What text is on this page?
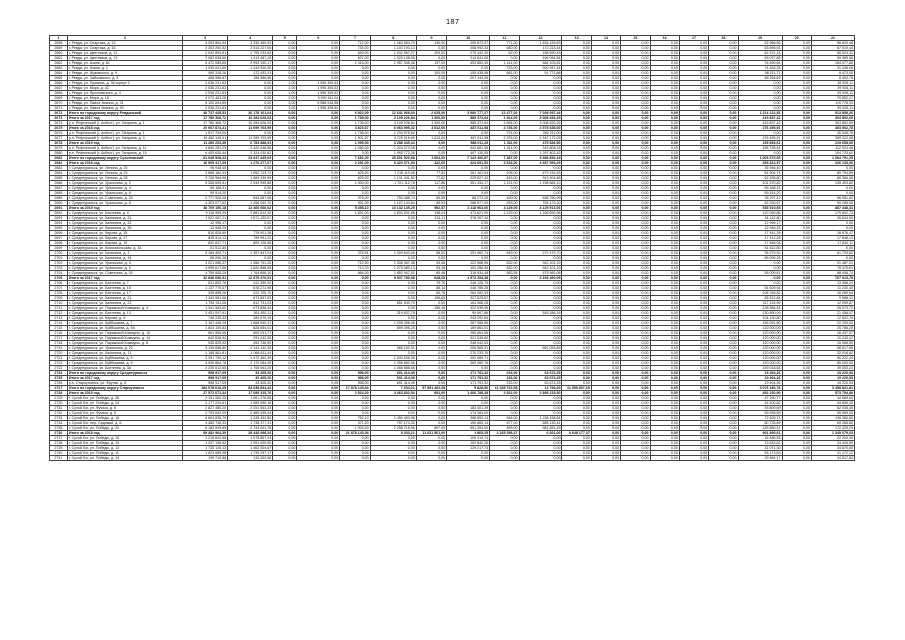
187
1	2	3	4	5	6	7	8	9	10	11	12	13	14	15	16	17	18	19	20	21
2658	г. Ревда, ул. Спартака, д. 13	4 093 864,94	3 330 460,53	0,00	0,00	712,00	1 384 964,79	130,00	295 872,07	771,00	1 634 439,63	0,00	0,00	0,00	0,00	0,00	0,00	52 966,56	0,00	96 820,48
2659	г. Ревда, ул. Спартака, д. 15	3 303 200,52	2 514 227,05	0,00	0,00	734,00	1 103 193,13	0,00	208 992,34	680,00	172 223,44	0,00	0,00	0,00	0,00	0,00	0,00	63 895,91	0,00	67 519,44
2660	г. Ревда, ул. Цветников, д. 11	2 042 893,81	1 795 233,63	0,00	0,00	645,00	1 032 567,07	203,00	279 342,30	62,00	158 990,43	0,00	0,00	0,00	0,00	0,00	0,00	62 121,24	0,00	58 524,31
2661	г. Ревда, ул. Цветников, д. 13	2 082 638,60	1 413 487,28	0,00	0,00	637,00	1 029 138,96	0,00	214 841,06	0,00	169 064,84	0,00	0,00	0,00	0,00	0,00	0,00	59 037,86	0,00	59 385,96
2662	г. Ревда, ул. Азина, д. 61	5 472 085,65	2 993 190,17	0,00	0,00	1 316,00	1 957 045,38	137,00	493 860,49	1 141,00	584 109,81	0,00	0,00	0,00	0,00	0,00	0,00	76 490,64	0,00	164 077,86
2663	г. Ревда, ул. Азина, д. 1	1 030 041,69	1 419 920,05	0,00	0,00	0,00	0,00	0,00	0,00	723,00	200 947,44	0,00	0,00	0,00	0,00	0,00	0,00	74 433,25	0,00	31 436,08
2664	г. Ревда, ул. Жуковского, д. 9	490 318,26	172 453,31	0,00	0,00	0,00	0,00	100,00	159 438,58	661,00	91 771,88	0,00	0,00	0,00	0,00	0,00	0,00	58 211,71	0,00	8 473,05
2665	г. Ревда, ул. Чайковского, д. 3	468 966,87	156 986,96	0,00	0,00	0,00	0,00	0,00	207 143,26	0,00	0,00	0,00	0,00	0,00	0,00	0,00	0,00	56 254,69	0,00	8 402,76
2666	г. Ревда, ул. Пушкина, д. 36 корпус 2	2 036 231,63	0,00	1,00	1 996 305,53	0,00	0,00	0,00	0,00	0,00	0,00	0,00	0,00	0,00	0,00	0,00	0,00	0,00	0,00	39 926,11
2667	г. Ревда, ул. Мира, д. 42	2 036 231,63	0,00	1,00	1 996 305,53	0,00	0,00	0,00	0,00	0,00	0,00	0,00	0,00	0,00	0,00	0,00	0,00	0,00	0,00	39 926,11
2668	г. Ревда, ул. Ярославского, д. 4	2 036 231,63	0,00	1,00	1 996 305,52	0,00	0,00	0,00	0,00	0,00	0,00	0,00	0,00	0,00	0,00	0,00	0,00	0,00	0,00	39 926,11
2669	г. Ревда, ул. Мира, д. 18	4 072 463,26	0,00	2,00	3 992 611,04	0,00	0,00	0,00	0,00	0,00	0,00	0,00	0,00	0,00	0,00	0,00	0,00	0,00	0,00	79 852,27
2670	г. Ревда, ул. Павла Зыкина, д. 31	6 100 694,89	0,00	3,00	5 988 916,56	0,00	0,00	0,00	0,00	0,00	0,00	0,00	0,00	0,00	0,00	0,00	0,00	0,00	0,00	119 778,33
2671	г. Ревда, ул. Павла Зыкина, д. 30	2 036 231,63	0,00	1,00	1 996 305,52	0,00	0,00	0,00	0,00	0,00	0,00	0,00	0,00	0,00	0,00	0,00	0,00	0,00	0,00	39 926,11
2672	Итого по городскому округу Ревдинский	40 737 445,53	26 178 101,04	0,00	0,00	6 922,00	12 641 968,00	2 625,00	3 980 777,27	12 477,00	7 039 097,44	0,00	0,00	0,00	0,00	0,00	0,00	1 214 122,53	0,00	913 859,26
2673	Итого за 2017 год	17 780 368,72	10 284 626,03	0,00	0,00	1 738,00	3 109 226,84	1 300,00	585 372,64	1 514,00	3 008 453,25	0,00	0,00	0,00	0,00	0,00	0,00	415 837,42	0,00	303 852,69
2674	р.п. Рефтинский (г. Асбест), ул. Гагарина, д. 1	17 780 368,72	10 284 626,03	0,00	0,00	1 738,00	3 109 226,84	1 300,00	585 372,64	3 654,00	3 008 453,25	0,00	0,00	0,00	0,00	0,00	0,00	415 837,42	0,00	303 852,69
2675	Итого за 2018 год	20 967 874,41	11 099 703,99	0,00	0,00	3 823,67	6 063 995,32	3 512,00	487 611,98	4 736,00	2 575 635,00	0,00	0,00	0,00	0,00	0,00	0,00	276 495,91	0,00	403 502,78
2676	р.п. Рефтинский (г. Асбест), ул. Гагарина, д. 1	1 517 734,00	0,00	0,00	0,00	1 738,00	1 234 978,62	0,00	0,00	274,00	282 211,00	0,00	0,00	0,00	0,00	0,00	0,00	0,00	0,00	30 545,78
2677	р.п. Рефтинский (г. Асбест), ул. Гагарина, д. 3	19 450 140,41	11 099 703,99	0,00	0,00	1 501,67	4 729 216,69	1 513,00	487 611,98	2 376,00	2 187 172,09	0,00	0,00	0,00	0,00	0,00	0,00	276 495,91	0,00	389 422,98
2678	Итого за 2019 год	11 280 203,45	6 783 888,91	0,00	0,00	1 095,00	3 288 345,34	0,00	988 011,25	1 311,00	479 836,50	0,00	0,00	0,00	0,00	0,00	0,00	155 893,61	0,00	219 658,09
2679	р.п. Рефтинский (г. Асбест), ул. Гагарина, д. 11	4 690 281,23	2 420 048,66	0,00	0,00	1 080,00	1 204 373,08	0,00	442 881,36	1 311,00	242 808,18	0,00	0,00	0,00	0,00	0,00	0,00	158 795,44	0,00	112 924,48
2680	р.п. Рефтинский (г. Асбест), ул. Гагарина, д. 15	6 400 630,44	2 324 030,62	0,00	0,00	0,00	1 993 772,26	0,00	497 130,05	0,00	1 297 802,42	0,00	0,00	0,00	0,00	0,00	0,00	0,00	0,00	104 733,61
2681	Итого по городскому округу Сухоложский	81 648 528,23	23 647 445,03	0,00	0,00	7 681,00	25 601 520,68	1 604,00	7 123 406,87	7 387,00	9 386 852,19	0,00	0,00	0,00	0,00	0,00	0,00	1 003 670,93	0,00	1 564 791,25
2682	Итого за 2018 год	16 905 317,09	1 270 277,07	0,00	0,00	2 251,00	6 420 371,93	422,00	424 691,52	3 633,00	4 687 993,29	0,00	0,00	0,00	0,00	0,00	0,00	353 814,97	0,00	326 139,06
2683	г. Среднеуральск, ул. Ленина, д. 25	96 948,40	0,00	0,00	0,00	0,00	0,00	0,00	0,00	0,00	0,00	0,00	0,00	0,00	0,00	0,00	0,00	36 946,40	0,00	0,00
2684	г. Среднеуральск, ул. Ленина, д. 23	3 668 182,43	1 652 713,72	0,00	0,00	625,00	1 216 110,08	77,82	161 161,54	106,00	479 151,63	0,00	0,00	0,00	0,00	0,00	0,00	61 504,74	0,00	89 794,89
2685	г. Среднеуральск, ул. Ленина, д. 25	3 736 964,98	1 569 339,59	0,00	0,00	625,00	1 131 441,82	77,82	229 827,42	815,00	913 304,66	0,00	0,00	0,00	0,00	0,00	0,00	62 435,80	0,00	80 366,06
2686	г. Среднеуральск, ул. Уральская, д. 2	5 308 695,51	2 044 995,88	0,00	0,00	1 000,00	1 701 112,78	117,86	351 334,17	1 121,00	1 198 884,10	0,00	0,00	0,00	0,00	0,00	0,00	101 570,82	0,00	135 493,80
2687	г. Среднеуральск, ул. Уральская, д. 4	59 168,31	0,00	0,00	0,00	0,00	0,00	0,00	0,00	0,00	0,00	0,00	0,00	0,00	0,00	0,00	0,00	59 168,31	0,00	0,00
2688	г. Среднеуральск, ул. Уральская, д. 6	59 514,20	0,00	0,00	0,00	0,00	0,00	0,00	0,00	0,00	0,00	0,00	0,00	0,00	0,00	0,00	0,00	59 514,20	0,00	0,00
2689	г. Среднеуральск, ул. Советская, д. 33	2 777 926,08	844 587,08	0,00	0,00	378,00	750 488,74	59,59	88 273,26	490,00	466 760,99	0,00	0,00	0,00	0,00	0,00	0,00	35 297,12	0,00	56 951,80
2690	г. Среднеуральск, ул. Уральская, д. 8	4 303 077,62	1 458 042,70	0,00	0,00	931,00	1 107 144,84	89,00	286 577,00	253,00	794 123,30	0,00	0,00	0,00	0,00	0,00	0,00	62 330,67	0,00	99 285,06
2691	Итого за 2019 год	38 709 150,18	12 460 660,02	0,00	0,00	5 498,10	10 132 135,25	592,57	2 118 963,60	4 129,00	4 129 913,06	0,00	0,00	0,00	0,00	0,00	0,00	535 519,65	0,00	887 448,31
2692	г. Среднеуральск, ул. Бахтеева, д. 9	9 118 959,39	2 881 612,30	0,00	0,00	1 851,00	1 833 931,88	136,04	473 621,90	1 129,00	1 166 693,96	0,00	0,00	0,00	0,00	0,00	0,00	120 250,86	0,00	179 802,73
2693	г. Среднеуральск, ул. Калинина, д. 31	1 522 067,21	1 671 150,67	0,00	0,00	0,00	0,00	131,11	378 457,34	0,00	0,00	0,00	0,00	0,00	0,00	0,00	0,00	34 142,80	0,00	28 844,99
2694	г. Среднеуральск, ул. Калинина, д. 33	12 996,17	0,00	0,00	0,00	0,00	0,00	0,00	0,00	0,00	0,00	0,00	0,00	0,00	0,00	0,00	0,00	12 996,17	0,00	0,00
2695	г. Среднеуральск, ул. Калинина, д. 35	12 946,25	0,00	0,00	0,00	0,00	0,00	0,00	0,00	0,00	0,00	0,00	0,00	0,00	0,00	0,00	0,00	12 946,25	0,00	0,00
2696	г. Среднеуральск, ул. Кирова, д. 15	810 828,69	776 901,38	0,00	0,00	0,00	0,00	0,00	0,00	0,00	0,00	0,00	0,00	0,00	0,00	0,00	0,00	17 441,28	0,00	16 976,47
2697	г. Среднеуральск, ул. Кирова, д. 17	835 314,13	799 991,22	0,00	0,00	0,00	0,00	0,00	0,00	0,00	0,00	0,00	0,00	0,00	0,00	0,00	0,00	17 412,28	0,00	17 848,13
2698	г. Среднеуральск, ул. Кирова, д. 19	842 637,71	809 128,96	0,00	0,00	0,00	0,00	0,00	0,00	0,00	0,00	0,00	0,00	0,00	0,00	0,00	0,00	17 468,08	0,00	17 840,11
2699	г. Среднеуральск, ул. Комсомольская, д. 34	51 512,80	0,00	0,00	0,00	0,00	0,00	0,00	0,00	0,00	0,00	0,00	0,00	0,00	0,00	0,00	0,00	51 512,80	0,00	0,00
2700	г. Среднеуральск, ул. Калинина, д. 3	5 184 452,71	1 357 847,04	0,00	0,00	378,91	1 309 643,06	68,00	151 962,74	549,00	272 479,70	0,00	0,00	0,00	0,00	0,00	0,00	35 279,52	0,00	61 703,62
2701	г. Среднеуральск, ул. Калинина, д. 34	65 096,28	0,00	0,00	0,00	0,00	0,00	0,00	0,00	0,00	0,00	0,00	0,00	0,00	0,00	0,00	0,00	65 096,28	0,00	0,00
2702	г. Среднеуральск, ул. Уральская, д. 3	3 021 086,37	1 456 791,20	0,00	0,00	712,50	1 306 367,08	93,46	122 568,96	632,00	942 101,19	0,00	0,00	0,00	0,00	0,00	0,00	0,00	0,00	91 487,01
2703	г. Среднеуральск, ул. Уральская, д. 5	3 999 617,56	1 620 888,95	0,00	0,00	713,70	1 275 080,13	93,46	102 286,96	632,00	942 101,19	0,00	0,00	0,00	0,00	0,00	0,00	0,00	0,00	78 475,61
2704	г. Среднеуральск, ул. Советская, д. 30	4 755 855,29	1 764 858,10	0,00	0,00	684,00	1 853 947,52	80,48	318 934,48	583,55	679 982,08	0,00	0,00	0,00	0,00	0,00	0,00	55 009,61	0,00	88 408,74
2705	Итого за 2017 год	32 838 696,31	12 879 476,91	0,00	0,00	0,00	9 937 780,98	628,65	1 572 208,38	0,00	3 166 460,05	0,00	0,00	0,00	0,00	0,00	0,00	0,00	0,00	767 613,78
2706	г. Среднеуральск, ул. Бахтеева, д. 7	631 893,76	611 390,20	0,00	0,00	0,00	0,00	79,76	248 128,79	0,00	0,00	0,00	0,00	0,00	0,00	0,00	0,00	0,00	0,00	13 388,24
2707	г. Среднеуральск, ул. Бахтеева, д. 15	1 137 779,07	678 271,98	0,00	0,00	0,00	0,00	85,14	248 785,25	0,00	0,00	0,00	0,00	0,00	0,00	0,00	0,00	54 609,94	0,00	11 230,40
2708	г. Среднеуральск, ул. Бахтеева, д. 17	345 898,26	222 705,70	0,00	0,00	0,00	0,00	80,76	264 082,93	0,00	0,00	0,00	0,00	0,00	0,00	0,00	0,00	108 766,82	0,00	16 080,54
2709	г. Среднеуральск, ул. Калинина, д. 21	1 343 981,06	674 857,83	0,00	0,00	0,00	0,00	156,65	327 625,87	0,00	0,00	0,00	0,00	0,00	0,00	0,00	0,00	55 512,84	0,00	9 588,12
2710	г. Среднеуральск, ул. Калинина, д. 23	1 781 911,06	812 731,23	0,00	0,00	0,00	651 940,79	0,00	164 066,28	0,00	0,00	0,00	0,00	0,00	0,00	0,00	0,00	117 124,59	0,00	12 099,87
2711	г. Среднеуральск, ул. Парижской Коммуны, д. 4	1 341 563,62	673 898,44	0,00	0,00	0,00	0,00	156,46	322 935,99	0,00	0,00	0,00	0,00	0,00	0,00	0,00	0,00	128 954,83	0,00	35 973,72
2712	г. Среднеуральск, ул. Бахтеева, д. 13	2 451 097,91	361 852,11	0,00	0,00	0,00	319 637,78	0,00	99 897,86	0,00	545 386,16	0,00	0,00	0,00	0,00	0,00	0,00	130 890,09	0,00	21 456,07
2713	г. Среднеуральск, ул. Кирова, д. 5	748 230,33	280 575,15	0,00	0,00	0,00	0,00	0,00	243 292,84	0,00	0,00	0,00	0,00	0,00	0,00	0,00	0,00	104 130,80	0,00	12 622,76
2714	г. Среднеуральск, ул. Куйбышева, д. 7	2 167 446,29	1 668 940,47	0,00	0,00	0,00	1 208 358,06	0,00	287 988,96	0,00	0,00	0,00	0,00	0,00	0,00	0,00	0,00	155 091,60	0,00	22 200,00
2715	г. Среднеуральск, ул. Куйбышева, д. 9А	1 843 100,83	828 654,01	0,00	0,00	0,00	699 395,25	0,00	169 864,51	0,00	0,00	0,00	0,00	0,00	0,00	0,00	0,00	120 000,00	0,00	25 786,28
2716	г. Среднеуральск, ул. Парижской Коммуны, д. 10	861 565,56	609 031,77	0,00	0,00	0,00	0,00	0,00	285 864,56	0,00	0,00	0,00	0,00	0,00	0,00	0,00	0,00	120 000,00	0,00	16 437,57
2717	г. Среднеуральск, ул. Парижской Коммуны, д. 14	642 638,94	291 242,05	0,00	0,00	0,00	0,00	0,00	321 038,60	0,00	0,00	0,00	0,00	0,00	0,00	0,00	0,00	120 000,00	0,00	10 243,47
2718	г. Среднеуральск, ул. Парижской Коммуны, д. 8	935 825,92	494 746,90	0,00	0,00	0,00	0,00	0,00	248 042,63	0,00	0,00	0,00	0,00	0,00	0,00	0,00	0,00	120 000,00	0,00	15 966,59
2719	г. Среднеуральск, ул. Уральская, д. 22	3 139 696,80	1 144 142,35	0,00	0,00	0,00	968 152,01	0,00	206 565,91	0,00	661 059,89	0,00	0,00	0,00	0,00	0,00	0,00	120 000,00	0,00	58 817,58
2720	г. Среднеуральск, ул. Калинина, д. 11	1 188 561,81	1 066 611,44	0,00	0,00	0,00	0,00	0,00	270 233,70	0,00	0,00	0,00	0,00	0,00	0,00	0,00	0,00	120 000,00	0,00	32 016,82
2721	г. Среднеуральск, ул. Куйбышева, д. 5	2 391 730,12	1 472 462,39	0,00	0,00	0,00	1 044 535,06	0,00	252 085,71	0,00	0,00	0,00	0,00	0,00	0,00	0,00	0,00	120 000,00	0,00	66 222,44
2722	г. Среднеуральск, ул. Куйбышева, д. 9	4 990 864,78	2 170 084,49	0,00	0,00	0,00	1 396 662,56	0,00	369 450,76	0,00	0,00	0,00	0,00	0,00	0,00	0,00	0,00	120 000,00	0,00	85 000,00
2723	г. Среднеуральск, ул. Бахтеева, д. 3А	2 235 512,65	1 708 943,20	0,00	0,00	0,00	1 066 688,68	0,00	0,00	0,00	0,00	0,00	0,00	0,00	0,00	0,00	0,00	249 018,54	0,00	39 053,21
2724	Итого по городскому округу Среднеуральск	998 917,09	33 405,20	0,00	0,00	998,00	691 414,49	0,00	171 791,32	233,00	63 674,25	0,00	0,00	0,00	0,00	0,00	0,00	19 404,26	0,00	19 220,93
2725	Итого за 2017 год	998 917,09	33 405,20	0,00	0,00	998,00	691 414,49	0,00	171 791,32	233,00	63 674,25	0,00	0,00	0,00	0,00	0,00	0,00	19 404,26	0,00	19 220,93
2726	р.п. Староуткинск, ул. Фрунзе, д. 8	998 917,09	33 405,20	0,00	0,00	998,00	691 414,49	0,00	171 791,32	233,00	63 674,25	0,00	0,00	0,00	0,00	0,00	0,00	19 404,26	0,00	19 220,93
2727	Итого по городскому округу Староуткинск	184 078 616,25	83 638 844,42	0,00	0,00	17 878 143,04	7 604,21	57 891 462,08	5 828,50	11 345 722,58	12 794,00	11 558 807,03	0,00	0,00	0,00	0,00	0,00	3 076 180,76	0,00	3 458 821,81
2728	Итого за 2019 год	27 572 071,34	17 089 315,76	0,00	0,00	2 524,30	4 463 832,54	891,00	1 466 788,38	2 522,00	2 895 215,50	0,00	0,00	0,00	0,00	0,00	0,00	492 230,90	0,00	573 794,80
2729	г. Сухой Лог, ул. Победы, д. 26	2 151 060,25	1 961 376,88	0,00	0,00	0,00	0,00	0,00	0,00	0,00	0,00	0,00	0,00	0,00	0,00	0,00	0,00	47 250,77	0,00	44 688,60
2730	г. Сухой Лог, ул. Победы, д. 24	2 177 224,81	1 989 599,18	0,00	0,00	0,00	0,00	0,00	0,00	0,00	0,00	0,00	0,00	0,00	0,00	0,00	0,00	45 400,82	0,00	44 659,40
2731	г. Сухой Лог, ул. Фучика, д. 6	2 827 480,20	2 251 553,33	0,00	0,00	0,00	0,00	0,00	183 401,39	0,00	0,00	0,00	0,00	0,00	0,00	0,00	0,00	53 809,69	0,00	62 038,45
2732	г. Сухой Лог, ул. Фучика, д. 8	2 753 632,09	2 469 435,44	0,00	0,00	0,00	0,00	0,00	174 284,00	0,00	0,00	0,00	0,00	0,00	0,00	0,00	0,00	69 938,59	0,00	59 969,00
2733	г. Сухой Лог, ул. Победы, д. 18	6 654 835,79	1 038 452,80	0,00	0,00	782,10	1 450 493,96	0,00	366 853,14	946,00	1 238 438,64	0,00	0,00	0,00	0,00	0,00	0,00	72 409,71	0,00	136 360,89
2734	г. Сухой Лог, пер. Садовый, д. 6	3 480 745,33	1 738 377,31	0,00	0,00	371,20	757 174,30	0,00	150 665,14	677,00	685 130,41	0,00	0,00	0,00	0,00	0,00	0,00	80 735,89	0,00	69 285,80
2735	г. Сухой Лог, ул. Победы, д. 20	6 183 949,89	2 734 001,76	0,00	0,00	1 004,00	2 256 718,96	897,00	591 394,00	899,00	981 651,49	0,00	0,00	0,00	0,00	0,00	0,00	125 550,41	0,00	172 429,29
2736	Итого за 2018 год	89 482 964,39	28 448 998,24	0,00	0,00	21 878 143,04	9 033,21	11 021 561,00	1 865,25	3 165 398,47	6 821,00	6 648 177,07	0,00	0,00	0,00	0,00	0,00	901 890,61	0,00	1 349 079,03
2737	г. Сухой Лог, ул. Победы, д. 15	1 219 832,58	1 075 867,03	0,00	0,00	0,00	0,00	0,00	105 313,74	0,00	0,00	0,00	0,00	0,00	0,00	0,00	0,00	16 485,55	0,00	22 263,30
2738	г. Сухой Лог, ул. Победы, д. 19	1 207 136,62	1 091 009,50	0,00	0,00	0,00	0,00	0,00	102 840,26	0,00	0,00	0,00	0,00	0,00	0,00	0,00	0,00	13 815,62	0,00	24 426,59
2739	г. Сухой Лог, ул. Победы, д. 13	1 735 125,13	1 462 304,87	0,00	0,00	0,00	0,00	0,00	129 217,74	0,00	0,00	0,00	0,00	0,00	0,00	0,00	0,00	31 071,30	0,00	34 870,80
2740	г. Сухой Лог, ул. Победы, д. 11	1 823 589,98	1 739 257,17	0,00	0,00	0,00	0,00	0,00	0,00	0,00	0,00	0,00	0,00	0,00	0,00	0,00	0,00	53 173,83	0,00	31 172,12
2741	г. Сухой Лог, ул. Победы, д. 14	199 710,86	134 302,88	0,00	0,00	0,00	0,00	0,00	0,00	0,00	0,00	0,00	0,00	0,00	0,00	0,00	0,00	29 484,17	0,00	34 817,82
